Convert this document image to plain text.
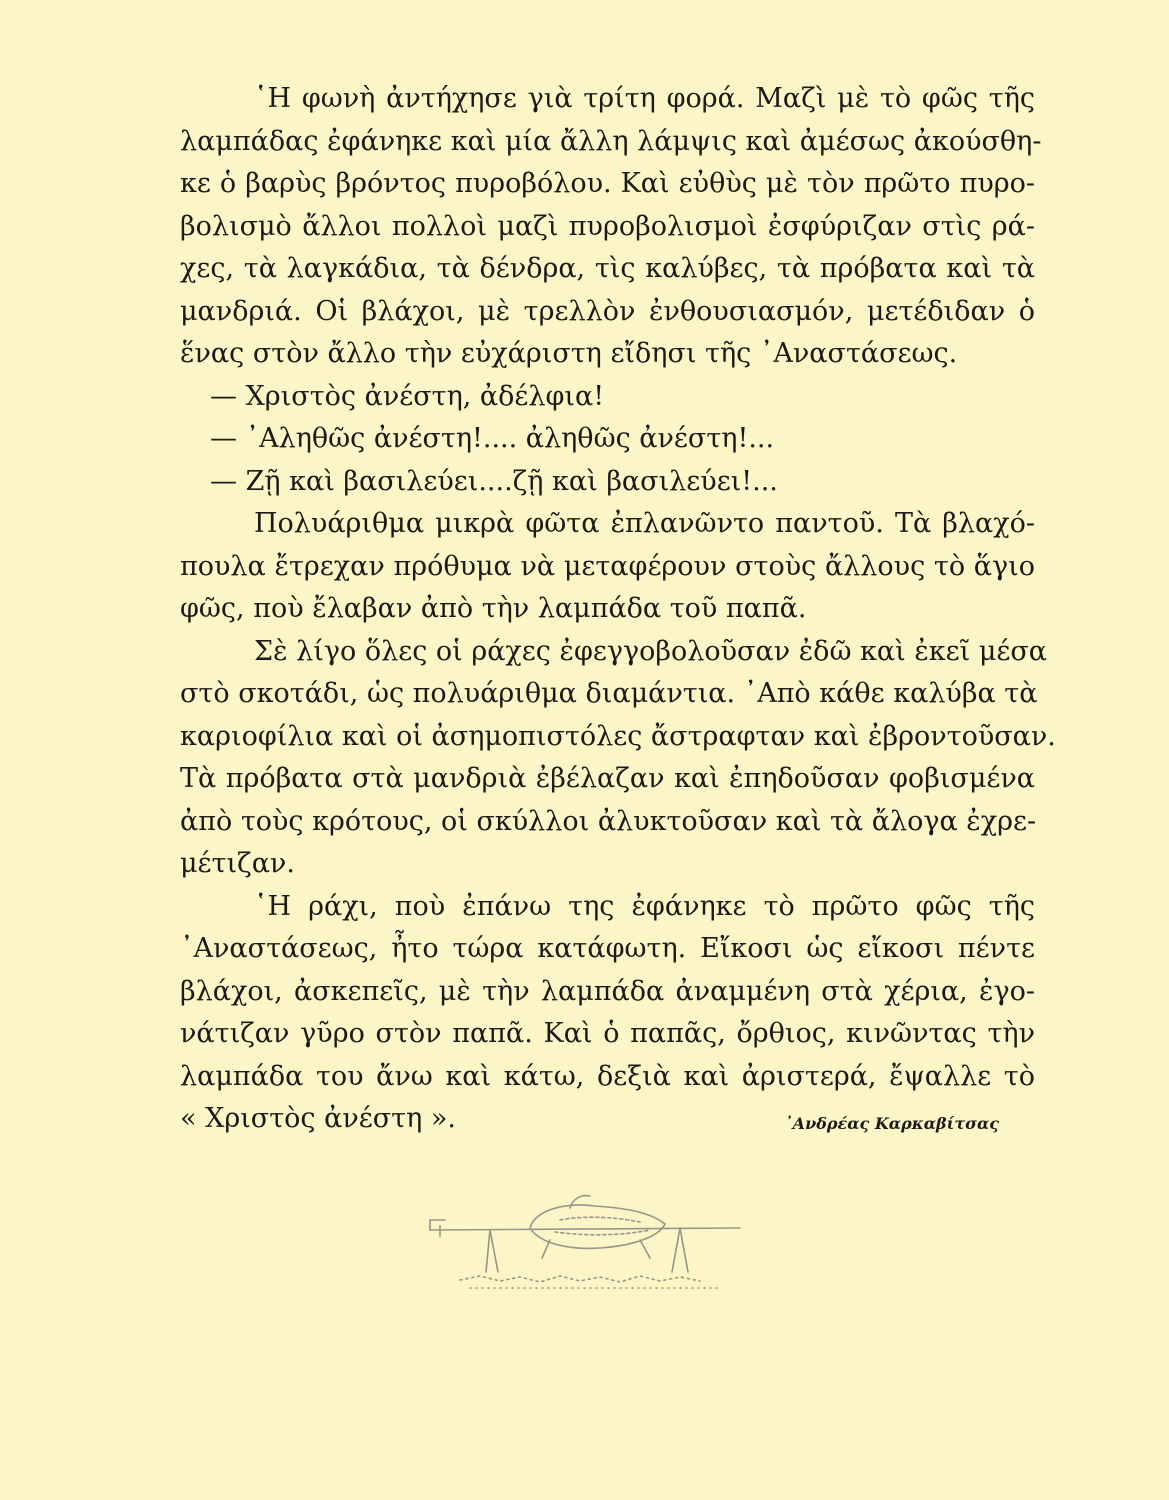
῾Η φωνὴ ἀντήχησε γιὰ τρίτη φορά. Μαζὶ μὲ τὸ φῶς τῆς
λαμπάδας ἐφάνηκε καὶ μία ἄλλη λάμψις καὶ ἀμέσως ἀκούσθη-
κε ὁ βαρὺς βρόντος πυροβόλου. Καὶ εὐθὺς μὲ τὸν πρῶτο πυρο-
βολισμὸ ἄλλοι πολλοὶ μαζὶ πυροβολισμοὶ ἐσφύριζαν στὶς ρά-
χες, τὰ λαγκάδια, τὰ δένδρα, τὶς καλύβες, τὰ πρόβατα καὶ τὰ
μανδριά. Οἱ βλάχοι, μὲ τρελλὸν ἐνθουσιασμόν, μετέδιδαν ὁ
ἕνας στὸν ἄλλο τὴν εὐχάριστη εἴδησι τῆς ᾿Αναστάσεως.
— Χριστὸς ἀνέστη, ἀδέλφια!
— ᾿Αληθῶς ἀνέστη!.... ἀληθῶς ἀνέστη!...
— Ζῇ καὶ βασιλεύει....ζῇ καὶ βασιλεύει!...
Πολυάριθμα μικρὰ φῶτα ἐπλανῶντο παντοῦ. Τὰ βλαχό-
πουλα ἔτρεχαν πρόθυμα νὰ μεταφέρουν στοὺς ἄλλους τὸ ἅγιο
φῶς, ποὺ ἔλαβαν ἀπὸ τὴν λαμπάδα τοῦ παπᾶ.
Σὲ λίγο ὅλες οἱ ράχες ἐφεγγοβολοῦσαν ἐδῶ καὶ ἐκεῖ μέσα
στὸ σκοτάδι, ὡς πολυάριθμα διαμάντια. ᾿Απὸ κάθε καλύβα τὰ
καριοφίλια καὶ οἱ ἀσημοπιστόλες ἄστραφταν καὶ ἐβροντοῦσαν.
Τὰ πρόβατα στὰ μανδριὰ ἐβέλαζαν καὶ ἐπηδοῦσαν φοβισμένα
ἀπὸ τοὺς κρότους, οἱ σκύλλοι ἀλυκτοῦσαν καὶ τὰ ἄλογα ἐχρε-
μέτιζαν.
῾Η ράχι, ποὺ ἐπάνω της ἐφάνηκε τὸ πρῶτο φῶς τῆς
᾿Αναστάσεως, ἦτο τώρα κατάφωτη. Εἴκοσι ὡς εἴκοσι πέντε
βλάχοι, ἀσκεπεῖς, μὲ τὴν λαμπάδα ἀναμμένη στὰ χέρια, ἐγο-
νάτιζαν γῦρο στὸν παπᾶ. Καὶ ὁ παπᾶς, ὄρθιος, κινῶντας τὴν
λαμπάδα του ἄνω καὶ κάτω, δεξιὰ καὶ ἀριστερά, ἔψαλλε τὸ
« Χριστὸς ἀνέστη ».	᾿Ανδρέας Καρκαβίτσας
